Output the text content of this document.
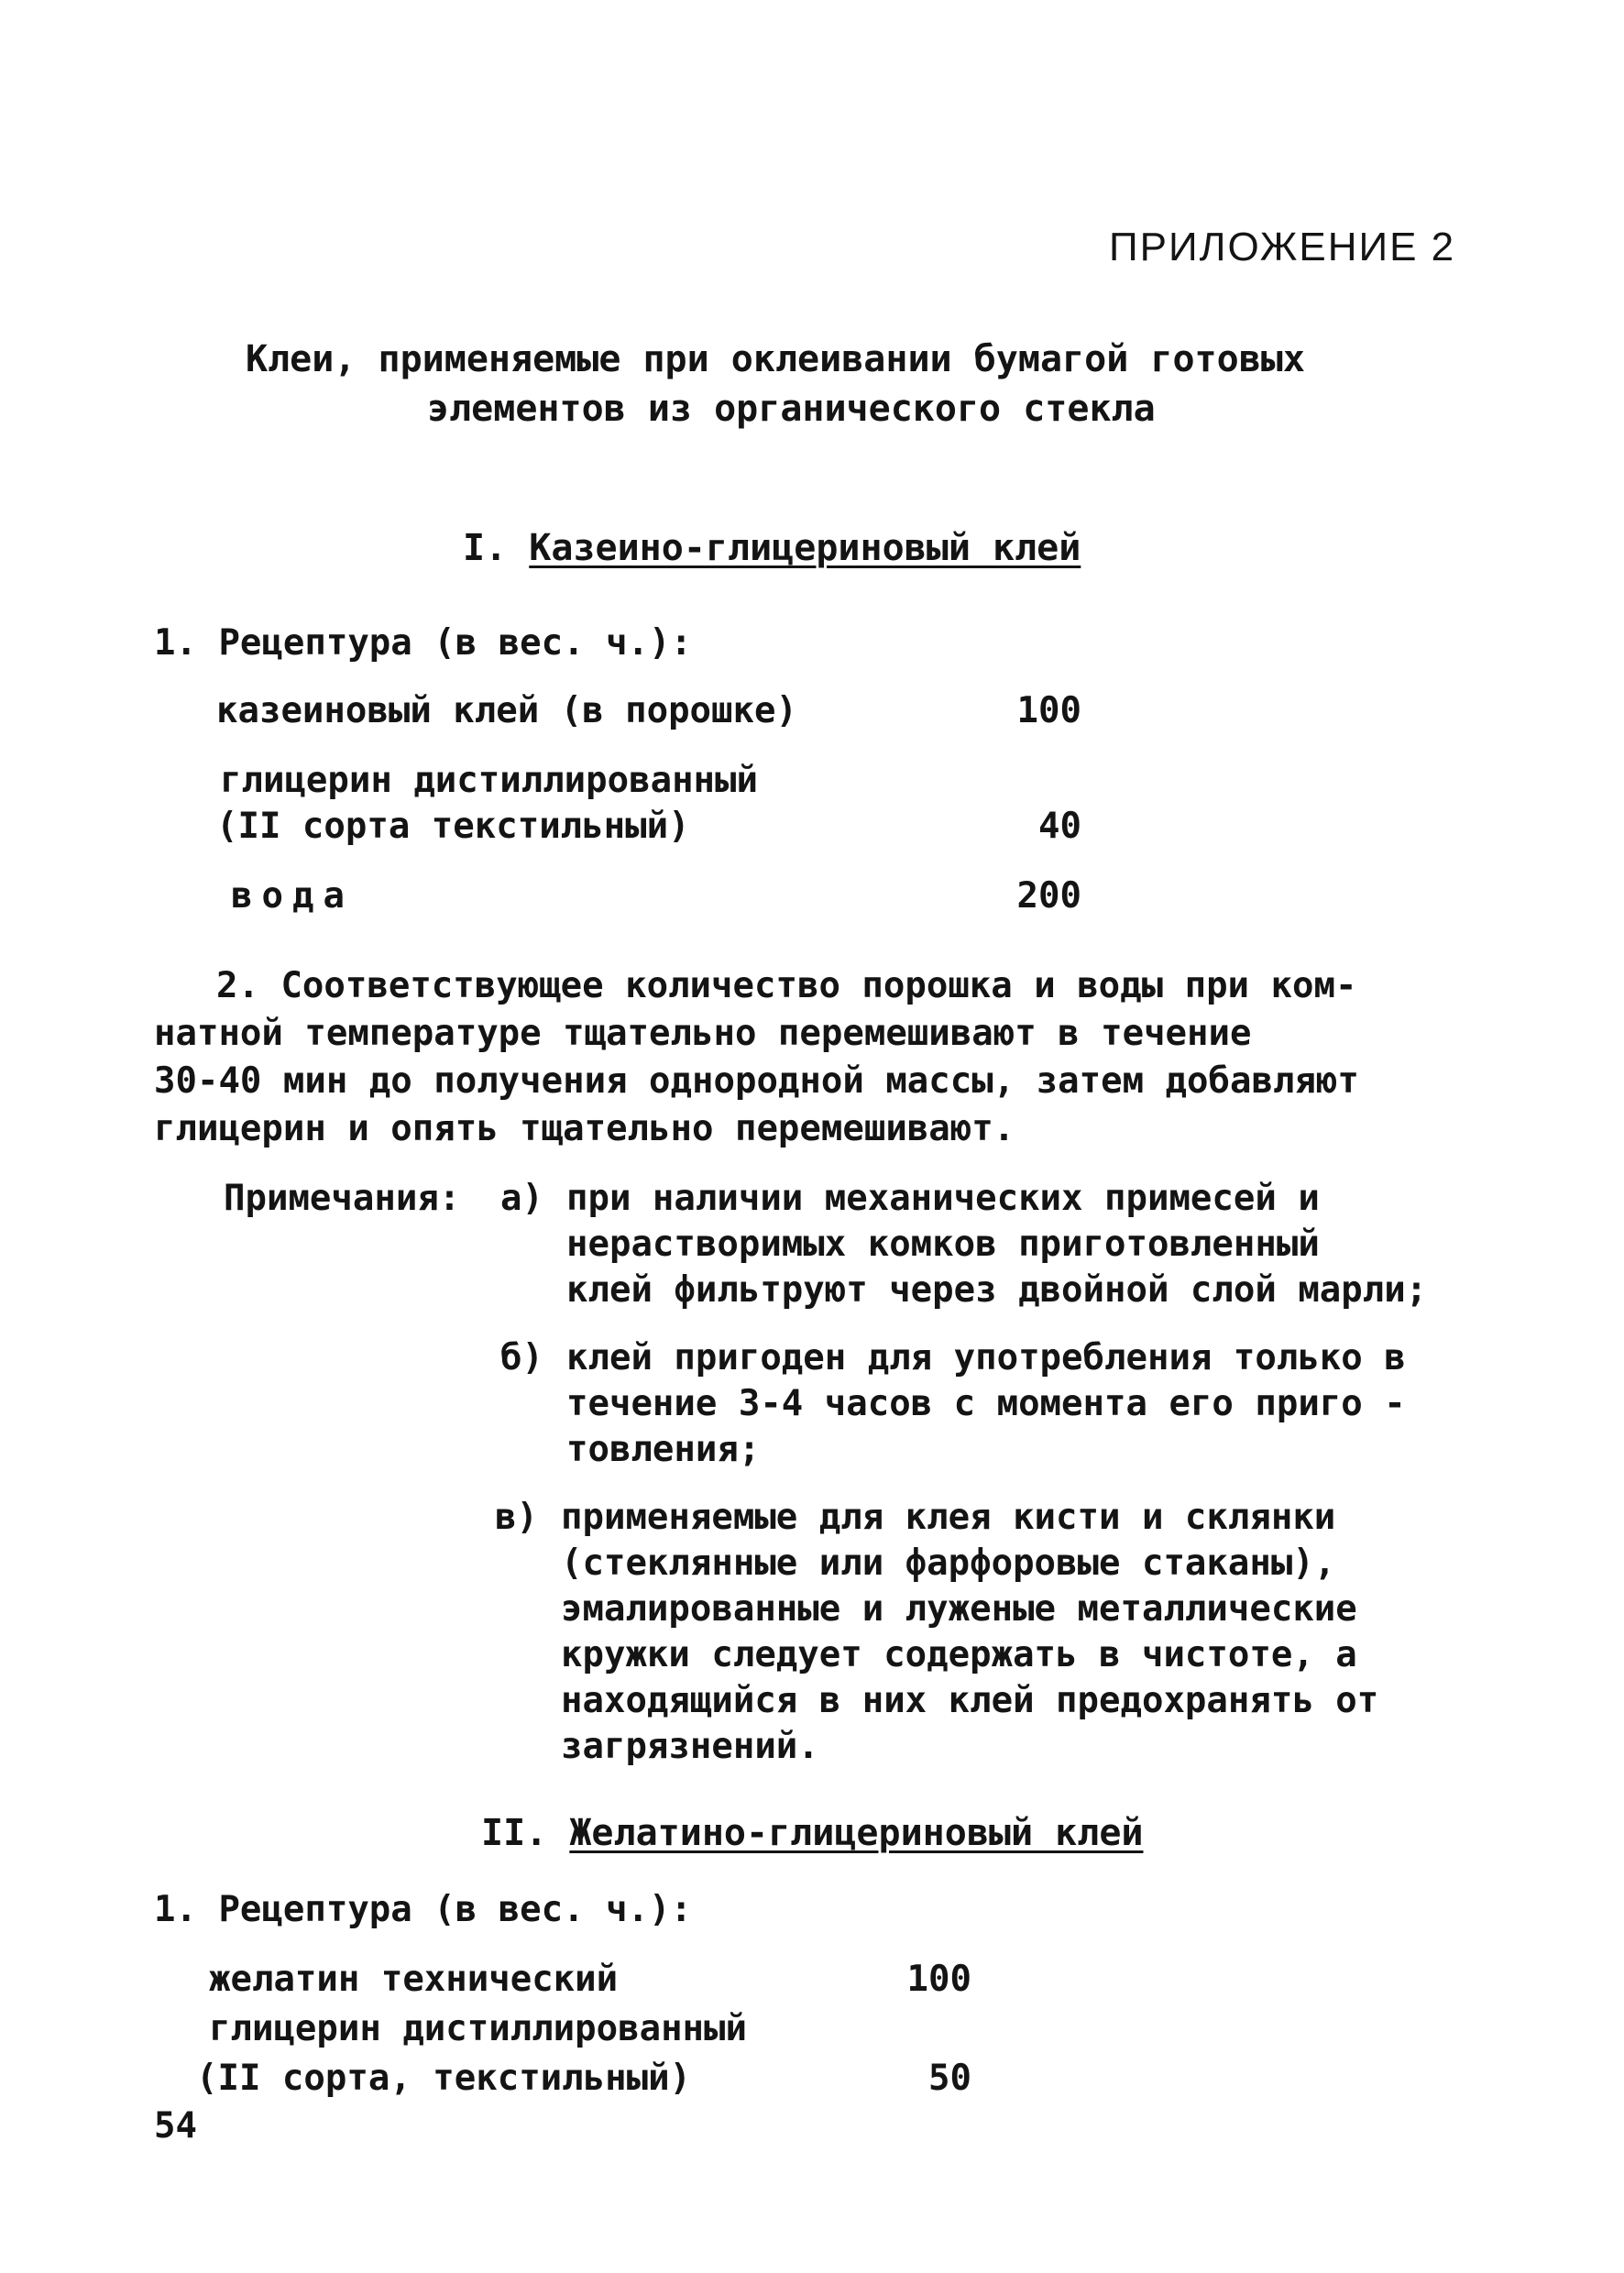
ПРИЛОЖЕНИЕ 2
Клеи, применяемые при оклеивании бумагой готовых
элементов из органического стекла
I. Казеино-глицериновый клей
1. Рецептура (в вес. ч.):
казеиновый клей (в порошке)	100
глицерин дистиллированный
(II сорта текстильный)	40
вода	200
2. Соответствующее количество порошка и воды при ком-
натной температуре тщательно перемешивают в течение
30-40 мин до получения однородной массы, затем добавляют
глицерин и опять тщательно перемешивают.
Примечания: а) при наличии механических примесей и
нерастворимых комков приготовленный
клей фильтруют через двойной слой марли;
б) клей пригоден для употребления только в
течение 3-4 часов с момента его приго -
товления;
в) применяемые для клея кисти и склянки
(стеклянные или фарфоровые стаканы),
эмалированные и луженые металлические
кружки следует содержать в чистоте, а
находящийся в них клей предохранять от
загрязнений.
II. Желатино-глицериновый клей
1. Рецептура (в вес. ч.):
желатин технический	100
глицерин дистиллированный
(II сорта, текстильный)	50
54
